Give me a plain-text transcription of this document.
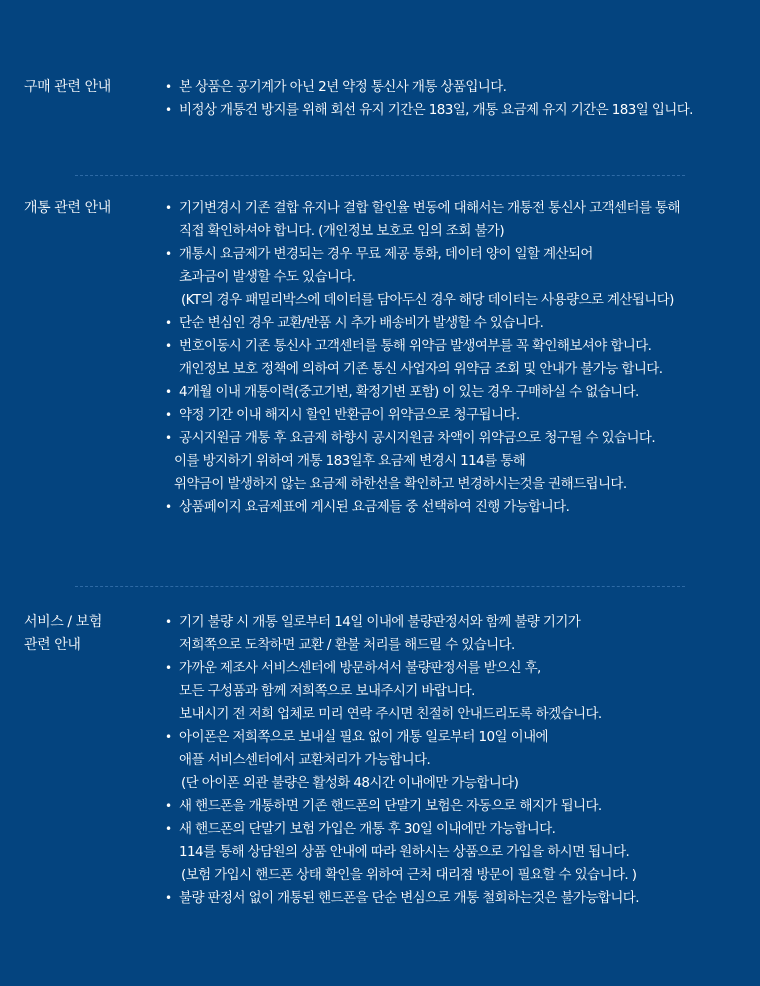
구매 관련 안내	• 본 상품은 공기계가 아닌 2년 약정 통신사 개통 상품입니다.
• 비정상 개통건 방지를 위해 회선 유지 기간은 183일, 개통 요금제 유지 기간은 183일 입니다.
개통 관련 안내	• 기기변경시 기존 결합 유지나 결합 할인율 변동에 대해서는 개통전 통신사 고객센터를 통해
직접 확인하셔야 합니다. (개인정보 보호로 임의 조회 불가)
• 개통시 요금제가 변경되는 경우 무료 제공 통화, 데이터 양이 일할 계산되어
초과금이 발생할 수도 있습니다.
(KT의 경우 패밀리박스에 데이터를 담아두신 경우 해당 데이터는 사용량으로 계산됩니다)
• 단순 변심인 경우 교환/반품 시 추가 배송비가 발생할 수 있습니다.
• 번호이동시 기존 통신사 고객센터를 통해 위약금 발생여부를 꼭 확인해보셔야 합니다.
개인정보 보호 정책에 의하여 기존 통신 사업자의 위약금 조회 및 안내가 불가능 합니다.
• 4개월 이내 개통이력(중고기변, 확정기변 포함) 이 있는 경우 구매하실 수 없습니다.
• 약정 기간 이내 해지시 할인 반환금이 위약금으로 청구됩니다.
• 공시지원금 개통 후 요금제 하향시 공시지원금 차액이 위약금으로 청구될 수 있습니다.
이를 방지하기 위하여 개통 183일후 요금제 변경시 114를 통해
위약금이 발생하지 않는 요금제 하한선을 확인하고 변경하시는것을 권해드립니다.
• 상품페이지 요금제표에 게시된 요금제들 중 선택하여 진행 가능합니다.
서비스 / 보험
관련 안내
• 기기 불량 시 개통 일로부터 14일 이내에 불량판정서와 함께 불량 기기가
저희쪽으로 도착하면 교환 / 환불 처리를 해드릴 수 있습니다.
• 가까운 제조사 서비스센터에 방문하셔서 불량판정서를 받으신 후,
모든 구성품과 함께 저희쪽으로 보내주시기 바랍니다.
보내시기 전 저희 업체로 미리 연락 주시면 친절히 안내드리도록 하겠습니다.
• 아이폰은 저희쪽으로 보내실 필요 없이 개통 일로부터 10일 이내에
애플 서비스센터에서 교환처리가 가능합니다.
(단 아이폰 외관 불량은 활성화 48시간 이내에만 가능합니다)
• 새 핸드폰을 개통하면 기존 핸드폰의 단말기 보험은 자동으로 해지가 됩니다.
• 새 핸드폰의 단말기 보험 가입은 개통 후 30일 이내에만 가능합니다.
114를 통해 상담원의 상품 안내에 따라 원하시는 상품으로 가입을 하시면 됩니다.
(보험 가입시 핸드폰 상태 확인을 위하여 근처 대리점 방문이 필요할 수 있습니다. )
• 불량 판정서 없이 개통된 핸드폰을 단순 변심으로 개통 철회하는것은 불가능합니다.
